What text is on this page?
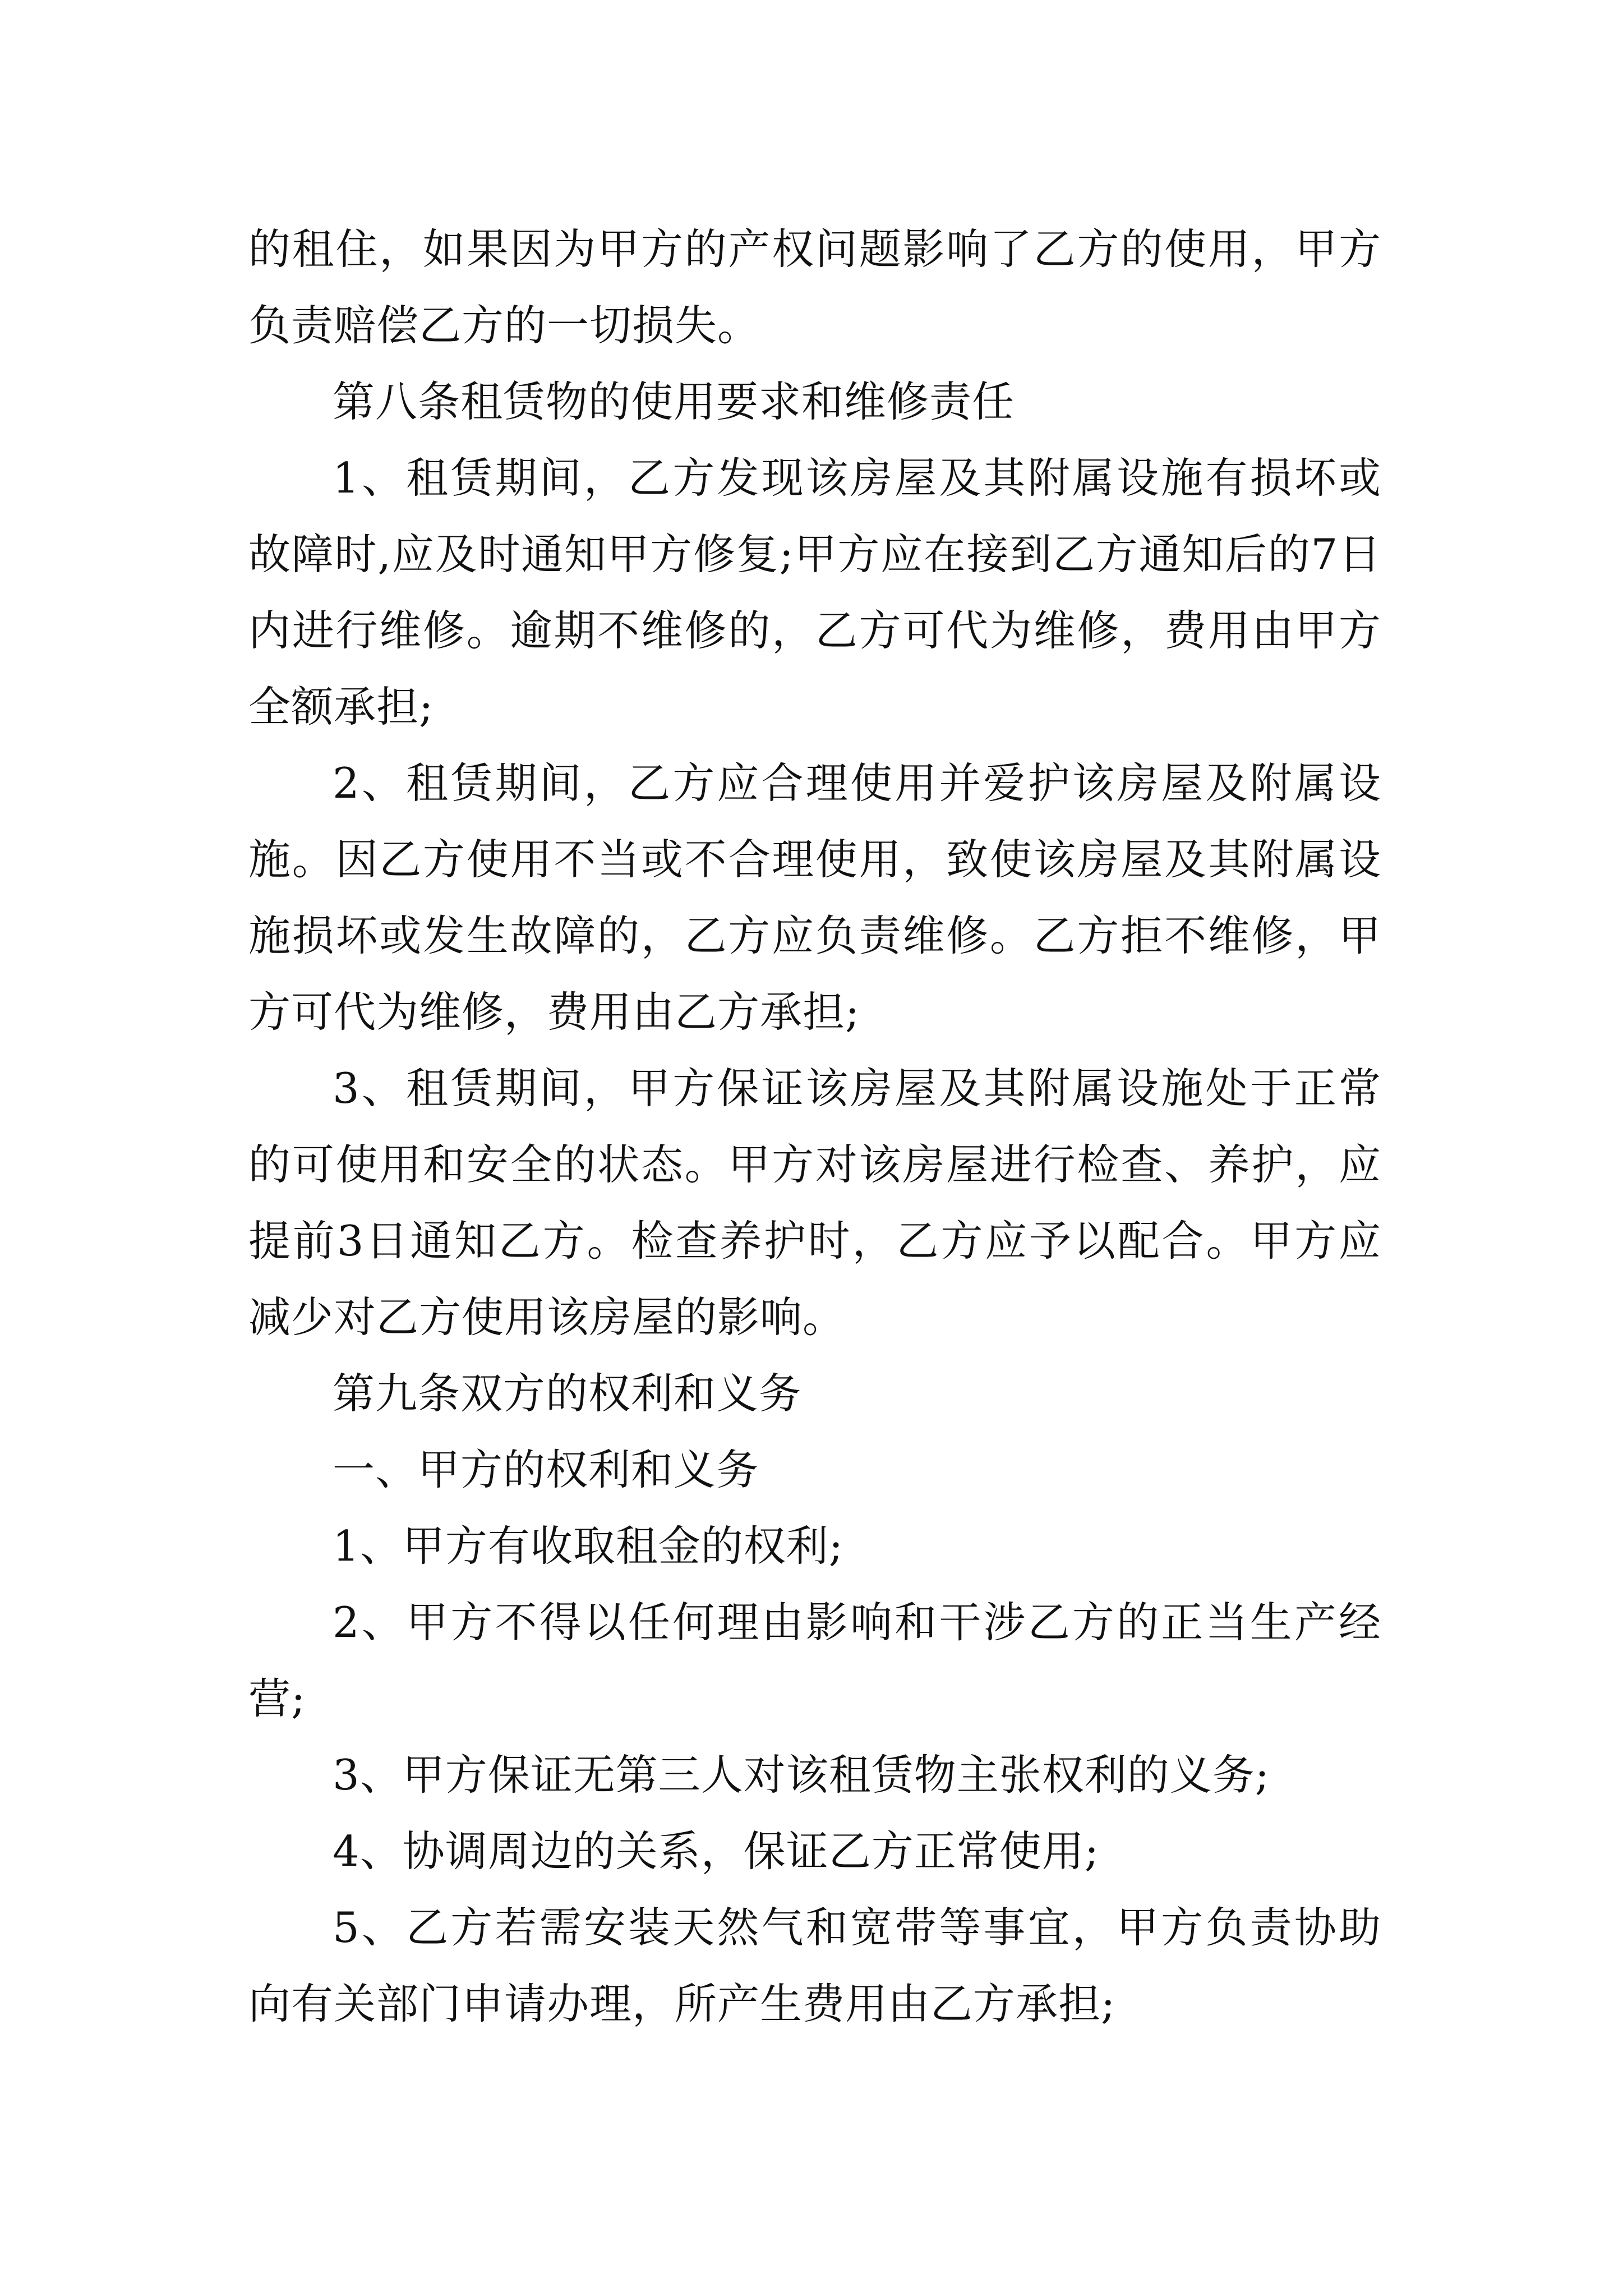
的租住，如果因为甲方的产权问题影响了乙方的使用，甲方负责赔偿乙方的一切损失。

第八条租赁物的使用要求和维修责任

1、租赁期间，乙方发现该房屋及其附属设施有损坏或故障时,应及时通知甲方修复;甲方应在接到乙方通知后的7日内进行维修。逾期不维修的，乙方可代为维修，费用由甲方全额承担;

2、租赁期间，乙方应合理使用并爱护该房屋及附属设施。因乙方使用不当或不合理使用，致使该房屋及其附属设施损坏或发生故障的，乙方应负责维修。乙方拒不维修，甲方可代为维修，费用由乙方承担;

3、租赁期间，甲方保证该房屋及其附属设施处于正常的可使用和安全的状态。甲方对该房屋进行检查、养护，应提前3日通知乙方。检查养护时，乙方应予以配合。甲方应减少对乙方使用该房屋的影响。

第九条双方的权利和义务

一、甲方的权利和义务

1、甲方有收取租金的权利;

2、甲方不得以任何理由影响和干涉乙方的正当生产经营;

3、甲方保证无第三人对该租赁物主张权利的义务;

4、协调周边的关系，保证乙方正常使用;

5、乙方若需安装天然气和宽带等事宜，甲方负责协助向有关部门申请办理，所产生费用由乙方承担;
